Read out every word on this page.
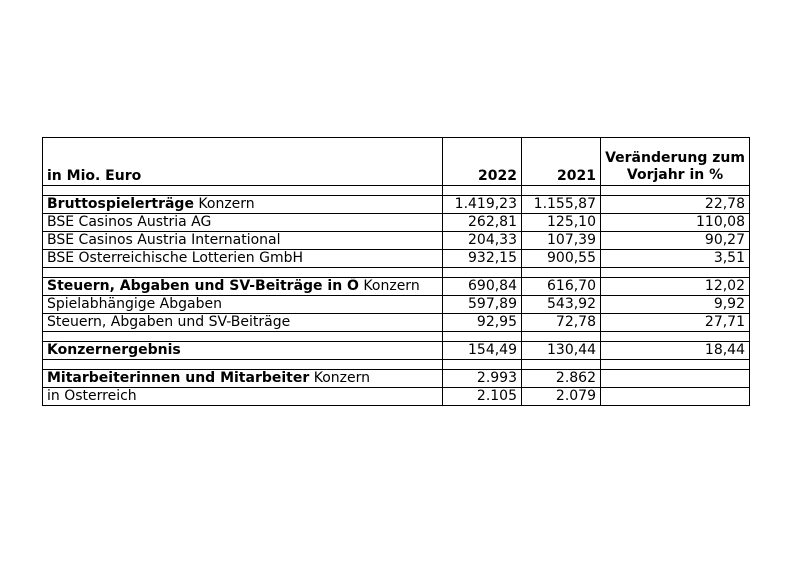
in Mio. Euro	2022	2021	Veränderung zum
Vorjahr in %

Bruttospielerträge Konzern	1.419,23	1.155,87	22,78
BSE Casinos Austria AG	262,81	125,10	110,08
BSE Casinos Austria International	204,33	107,39	90,27
BSE Österreichische Lotterien GmbH	932,15	900,55	3,51

Steuern, Abgaben und SV-Beiträge in Ö Konzern	690,84	616,70	12,02
Spielabhängige Abgaben	597,89	543,92	9,92
Steuern, Abgaben und SV-Beiträge	92,95	72,78	27,71

Konzernergebnis	154,49	130,44	18,44

Mitarbeiterinnen und Mitarbeiter Konzern	2.993	2.862	
in Österreich	2.105	2.079	
